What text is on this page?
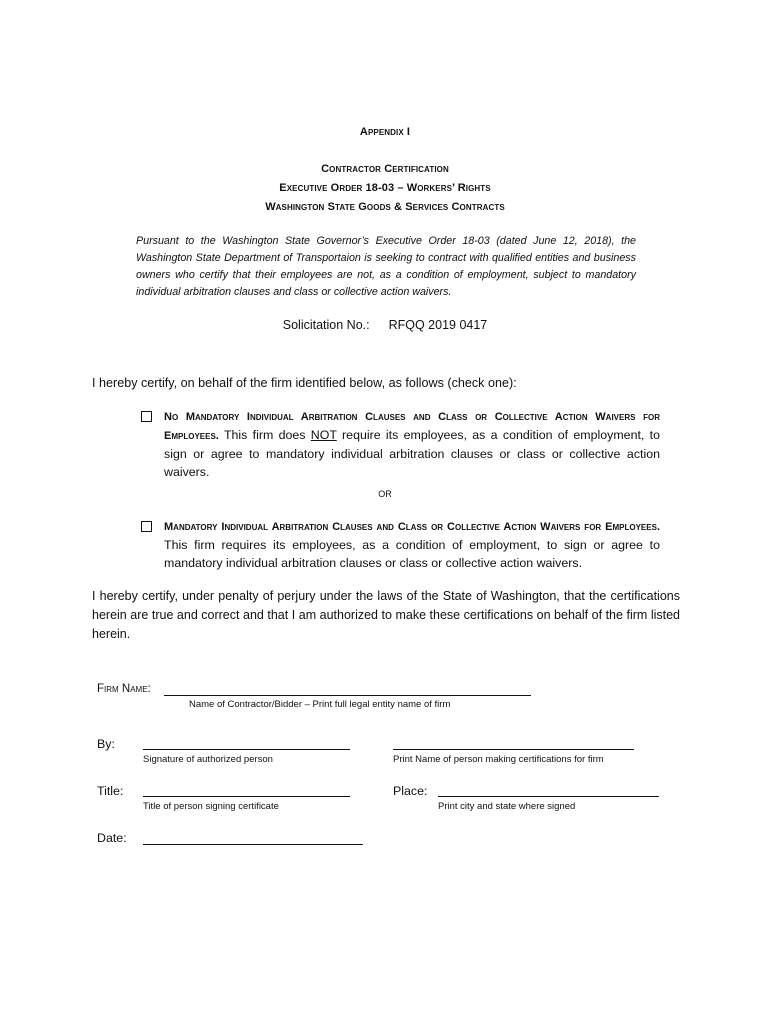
Appendix I
Contractor Certification
Executive Order 18-03 – Workers’ Rights
Washington State Goods & Services Contracts
Pursuant to the Washington State Governor’s Executive Order 18-03 (dated June 12, 2018), the Washington State Department of Transportaion is seeking to contract with qualified entities and business owners who certify that their employees are not, as a condition of employment, subject to mandatory individual arbitration clauses and class or collective action waivers.
Solicitation No.: RFQQ 2019 0417
I hereby certify, on behalf of the firm identified below, as follows (check one):
No Mandatory Individual Arbitration Clauses and Class or Collective Action Waivers for Employees. This firm does NOT require its employees, as a condition of employment, to sign or agree to mandatory individual arbitration clauses or class or collective action waivers.
OR
Mandatory Individual Arbitration Clauses and Class or Collective Action Waivers for Employees. This firm requires its employees, as a condition of employment, to sign or agree to mandatory individual arbitration clauses or class or collective action waivers.
I hereby certify, under penalty of perjury under the laws of the State of Washington, that the certifications herein are true and correct and that I am authorized to make these certifications on behalf of the firm listed herein.
Firm Name:
Name of Contractor/Bidder – Print full legal entity name of firm
By:
Signature of authorized person	Print Name of person making certifications for firm
Title:
Title of person signing certificate
Place:
Print city and state where signed
Date:
